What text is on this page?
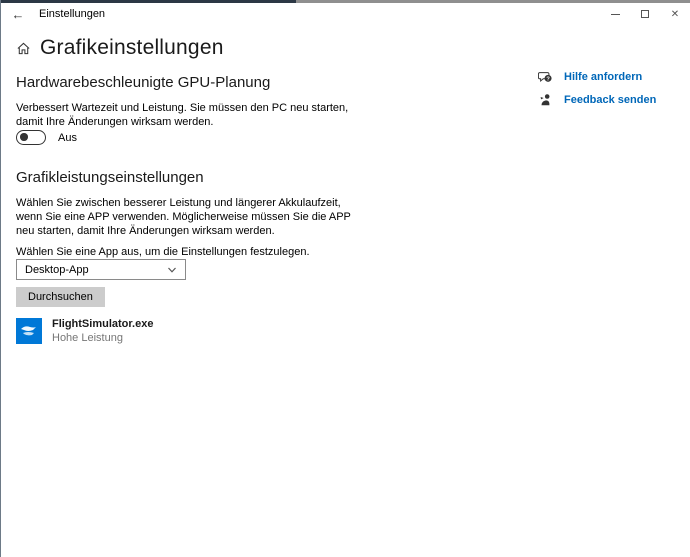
←	Einstellungen	✕
Grafikeinstellungen
Hardwarebeschleunigte GPU-Planung
Verbessert Wartezeit und Leistung. Sie müssen den PC neu starten, damit Ihre Änderungen wirksam werden.
Aus
Grafikleistungseinstellungen
Wählen Sie zwischen besserer Leistung und längerer Akkulaufzeit, wenn Sie eine APP verwenden. Möglicherweise müssen Sie die APP neu starten, damit Ihre Änderungen wirksam werden.
Wählen Sie eine App aus, um die Einstellungen festzulegen.
Desktop-App
Durchsuchen
FlightSimulator.exe
Hohe Leistung
? Hilfe anfordern
Feedback senden
